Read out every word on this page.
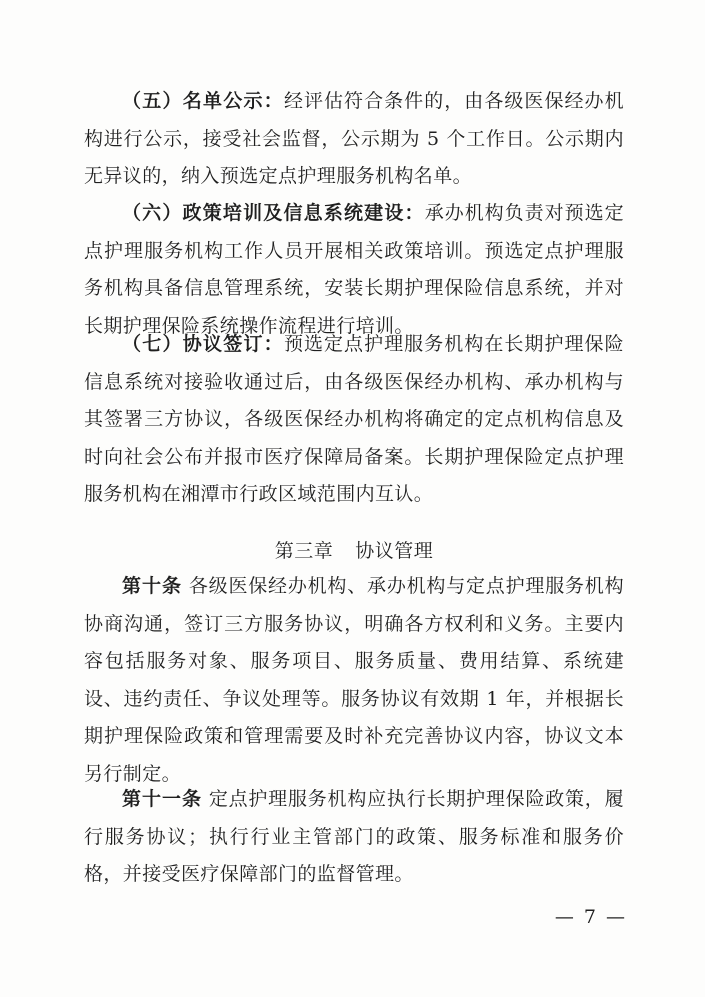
（五）名单公示：经评估符合条件的，由各级医保经办机构进行公示，接受社会监督，公示期为 5 个工作日。公示期内无异议的，纳入预选定点护理服务机构名单。

（六）政策培训及信息系统建设：承办机构负责对预选定点护理服务机构工作人员开展相关政策培训。预选定点护理服务机构具备信息管理系统，安装长期护理保险信息系统，并对长期护理保险系统操作流程进行培训。

（七）协议签订：预选定点护理服务机构在长期护理保险信息系统对接验收通过后，由各级医保经办机构、承办机构与其签署三方协议，各级医保经办机构将确定的定点机构信息及时向社会公布并报市医疗保障局备案。长期护理保险定点护理服务机构在湘潭市行政区域范围内互认。

第三章 协议管理

第十条 各级医保经办机构、承办机构与定点护理服务机构协商沟通，签订三方服务协议，明确各方权利和义务。主要内容包括服务对象、服务项目、服务质量、费用结算、系统建设、违约责任、争议处理等。服务协议有效期 1 年，并根据长期护理保险政策和管理需要及时补充完善协议内容，协议文本另行制定。

第十一条 定点护理服务机构应执行长期护理保险政策，履行服务协议；执行行业主管部门的政策、服务标准和服务价格，并接受医疗保障部门的监督管理。

— 7 —
